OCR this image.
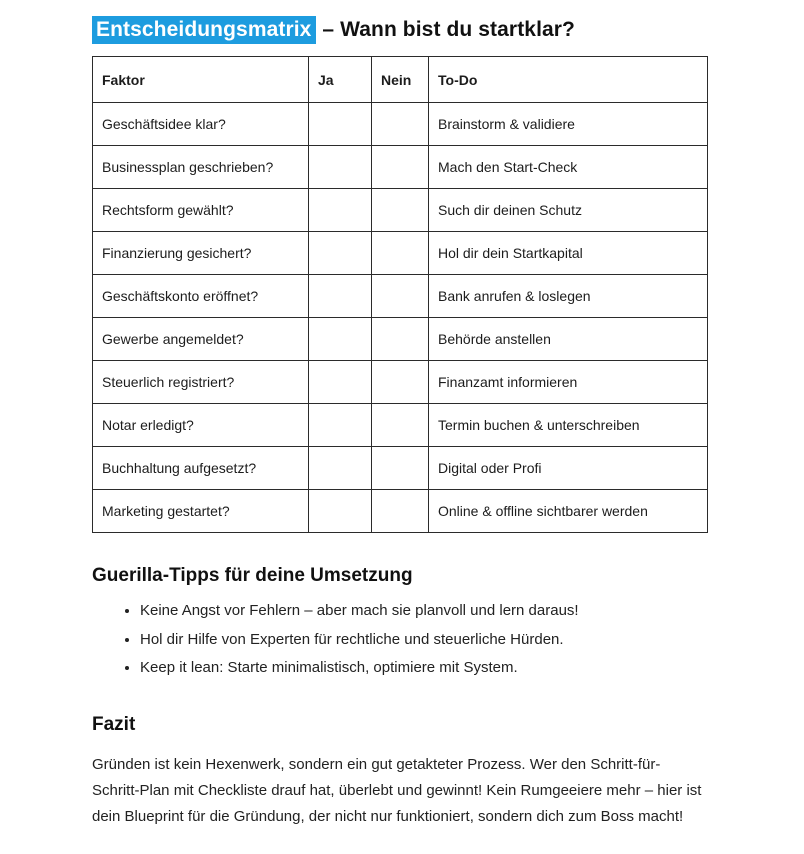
Entscheidungsmatrix – Wann bist du startklar?
Faktor	Ja	Nein	To-Do
Geschäftsidee klar?			Brainstorm & validiere
Businessplan geschrieben?			Mach den Start-Check
Rechtsform gewählt?			Such dir deinen Schutz
Finanzierung gesichert?			Hol dir dein Startkapital
Geschäftskonto eröffnet?			Bank anrufen & loslegen
Gewerbe angemeldet?			Behörde anstellen
Steuerlich registriert?			Finanzamt informieren
Notar erledigt?			Termin buchen & unterschreiben
Buchhaltung aufgesetzt?			Digital oder Profi
Marketing gestartet?			Online & offline sichtbarer werden
Guerilla-Tipps für deine Umsetzung
• Keine Angst vor Fehlern – aber mach sie planvoll und lern daraus!
• Hol dir Hilfe von Experten für rechtliche und steuerliche Hürden.
• Keep it lean: Starte minimalistisch, optimiere mit System.
Fazit

Gründen ist kein Hexenwerk, sondern ein gut getakteter Prozess. Wer den Schritt-für-Schritt-Plan mit Checkliste drauf hat, überlebt und gewinnt! Kein Rumgeeiere mehr – hier ist dein Blueprint für die Gründung, der nicht nur funktioniert, sondern dich zum Boss macht!
